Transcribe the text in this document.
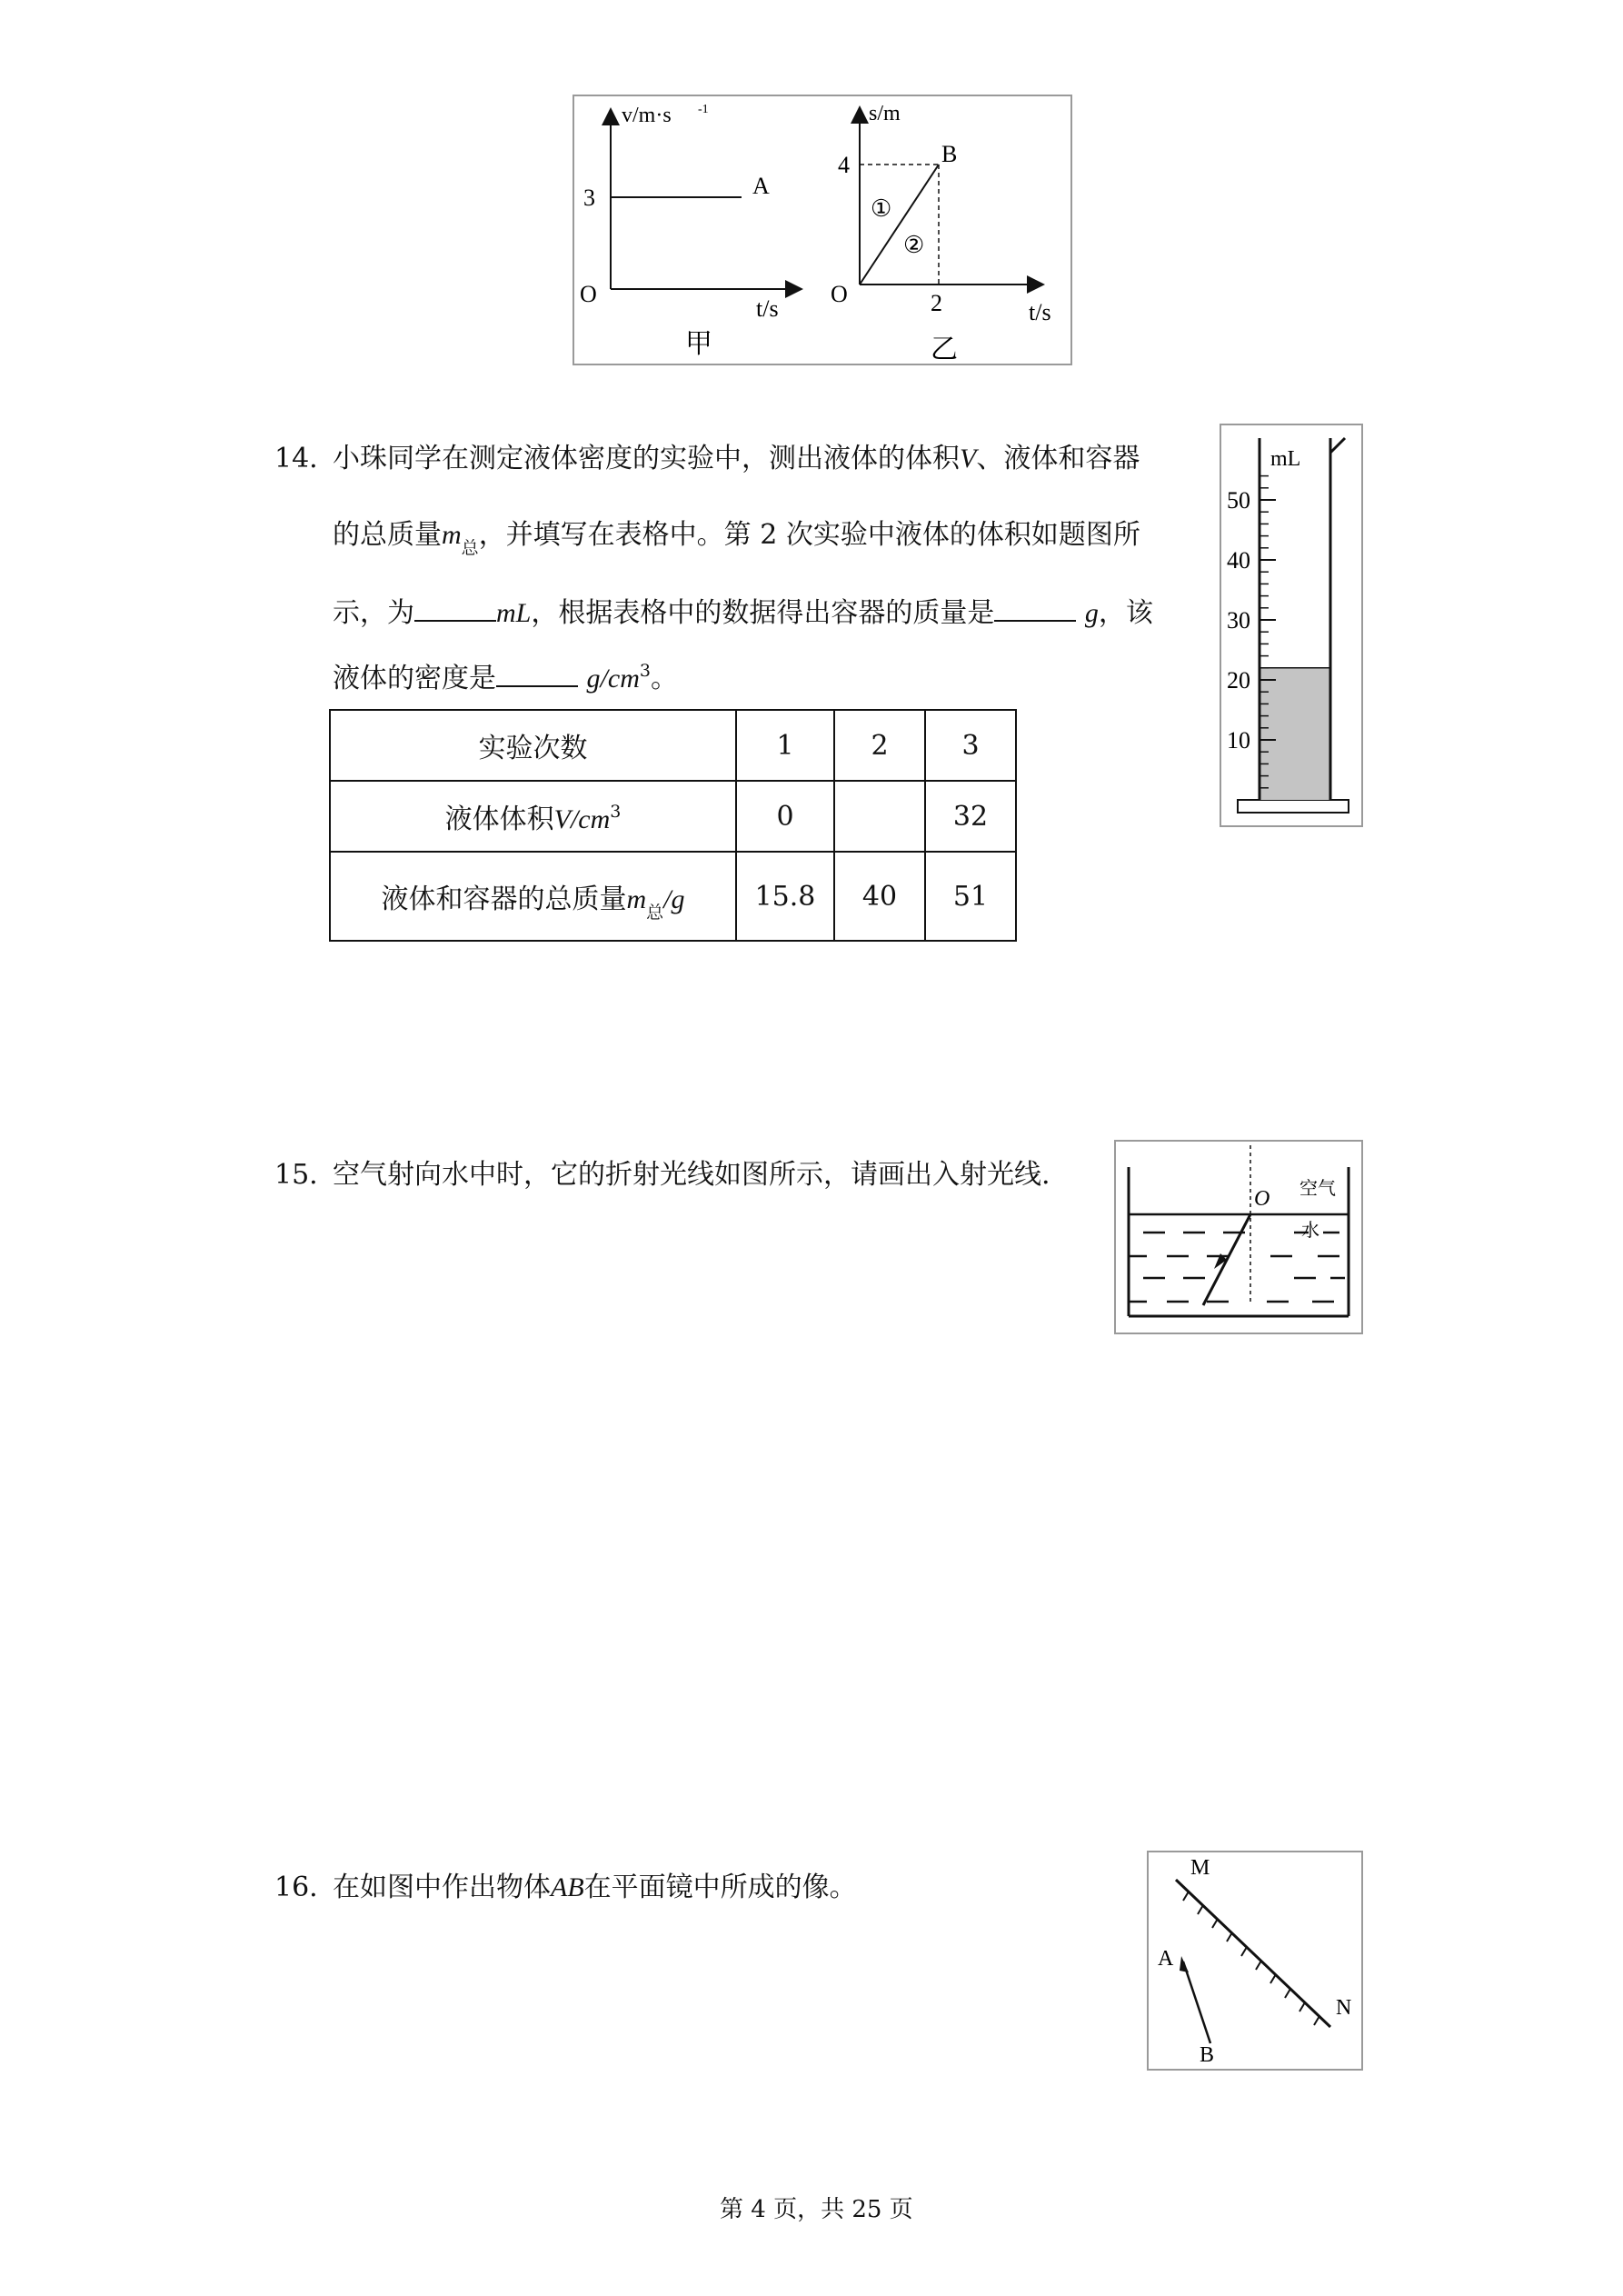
v/m·s -1
3	A
O
t/s
甲
s/m
4	B
①
②
O	2	t/s
乙
14. 小珠同学在测定液体密度的实验中，测出液体的体积V、液体和容器
的总质量$m_总$，并填写在表格中。第 2 次实验中液体的体积如题图所
示，为	mL，根据表格中的数据得出容器的质量是	g，该
液体的密度是	$g/cm^3$。
实验次数	1	2	3
液体体积$V/cm^3$	0		32
液体和容器的总质量$m_总/g$	15.8	40	51
mL
50
40
30
20
10
15. 空气射向水中时，它的折射光线如图所示，请画出入射光线.
O 空气
水
16. 在如图中作出物体AB在平面镜中所成的像。
M
N
A
B
第 4 页，共 25 页
